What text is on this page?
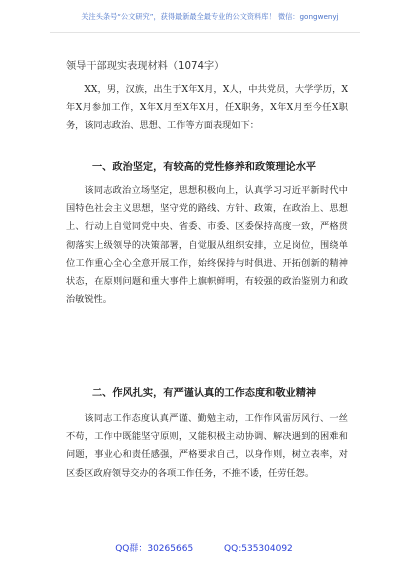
关注头条号“公文研究”，获得最新最全最专业的公文资料库！ 微信：gongwenyj
领导干部现实表现材料（1074字）
XX，男，汉族，出生于X年X月，X人，中共党员，大学学历，X年X月参加工作，X年X月至X年X月，任X职务，X年X月至今任X职务，该同志政治、思想、工作等方面表现如下：
一、政治坚定，有较高的党性修养和政策理论水平
该同志政治立场坚定，思想积极向上，认真学习习近平新时代中国特色社会主义思想，坚守党的路线、方针、政策，在政治上、思想上、行动上自觉同党中央、省委、市委、区委保持高度一致，严格贯彻落实上级领导的决策部署，自觉服从组织安排，立足岗位，围绕单位工作重心全心全意开展工作，始终保持与时俱进、开拓创新的精神状态，在原则问题和重大事件上旗帜鲜明，有较强的政治鉴别力和政治敏锐性。
二、作风扎实，有严谨认真的工作态度和敬业精神
该同志工作态度认真严谨、勤勉主动，工作作风雷厉风行、一丝不苟，工作中既能坚守原则，又能积极主动协调、解决遇到的困难和问题，事业心和责任感强，严格要求自己，以身作则，树立表率，对区委区政府领导交办的各项工作任务，不推不诿，任劳任怨。
QQ群：30265665	QQ:535304092
